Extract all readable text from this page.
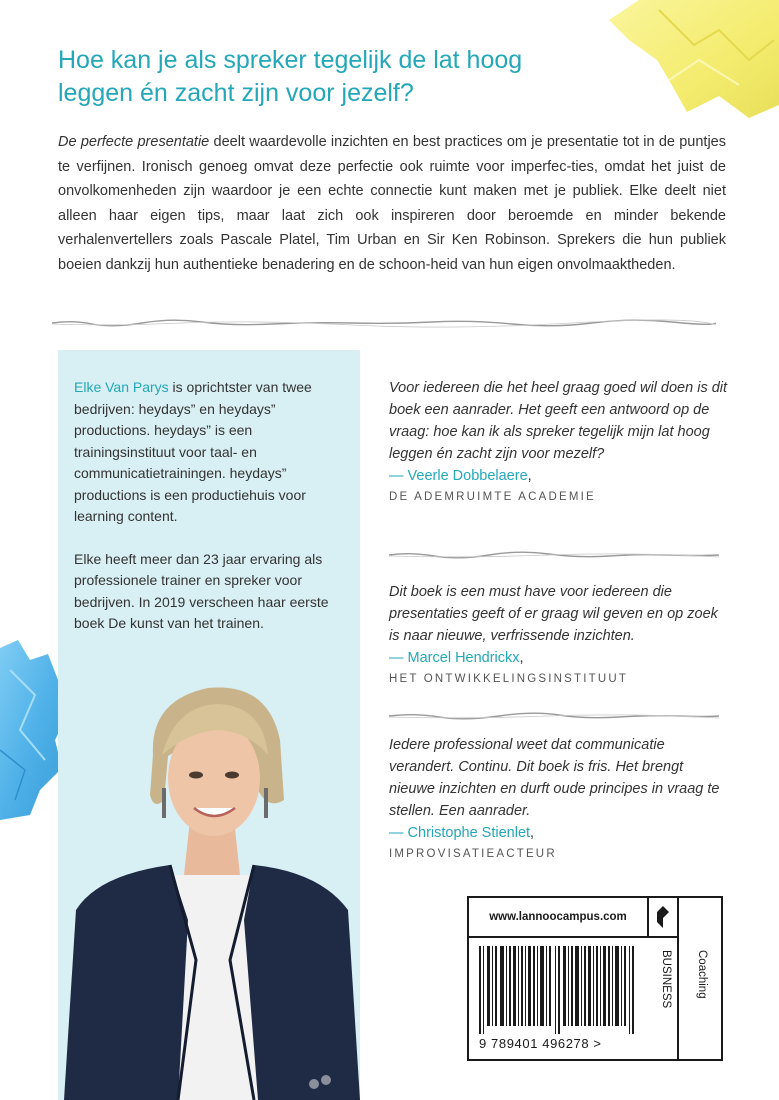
Hoe kan je als spreker tegelijk de lat hoog leggen én zacht zijn voor jezelf?

De perfecte presentatie deelt waardevolle inzichten en best practices om je presentatie tot in de puntjes te verfijnen. Ironisch genoeg omvat deze perfectie ook ruimte voor imperfec-ties, omdat het juist de onvolkomenheden zijn waardoor je een echte connectie kunt maken met je publiek. Elke deelt niet alleen haar eigen tips, maar laat zich ook inspireren door beroemde en minder bekende verhalenvertellers zoals Pascale Platel, Tim Urban en Sir Ken Robinson. Sprekers die hun publiek boeien dankzij hun authentieke benadering en de schoon-heid van hun eigen onvolmaaktheden.

Elke Van Parys is oprichtster van twee bedrijven: heydays” en heydays” productions. heydays” is een trainingsinstituut voor taal- en communicatietrainingen. heydays” productions is een productiehuis voor learning content.

Elke heeft meer dan 23 jaar ervaring als professionele trainer en spreker voor bedrijven. In 2019 verscheen haar eerste boek De kunst van het trainen.

Voor iedereen die het heel graag goed wil doen is dit boek een aanrader. Het geeft een antwoord op de vraag: hoe kan ik als spreker tegelijk mijn lat hoog leggen én zacht zijn voor mezelf?

— Veerle Dobbelaere,

DE ADEMRUIMTE ACADEMIE

Dit boek is een must have voor iedereen die presentaties geeft of er graag wil geven en op zoek is naar nieuwe, verfrissende inzichten.

— Marcel Hendrickx,

HET ONTWIKKELINGSINSTITUUT

Iedere professional weet dat communicatie verandert. Continu. Dit boek is fris. Het brengt nieuwe inzichten en durft oude principes in vraag te stellen. Een aanrader.

— Christophe Stienlet,

IMPROVISATIEACTEUR

www.lannoocampus.com
BUSINESS Coaching
9 789401 496278 >
